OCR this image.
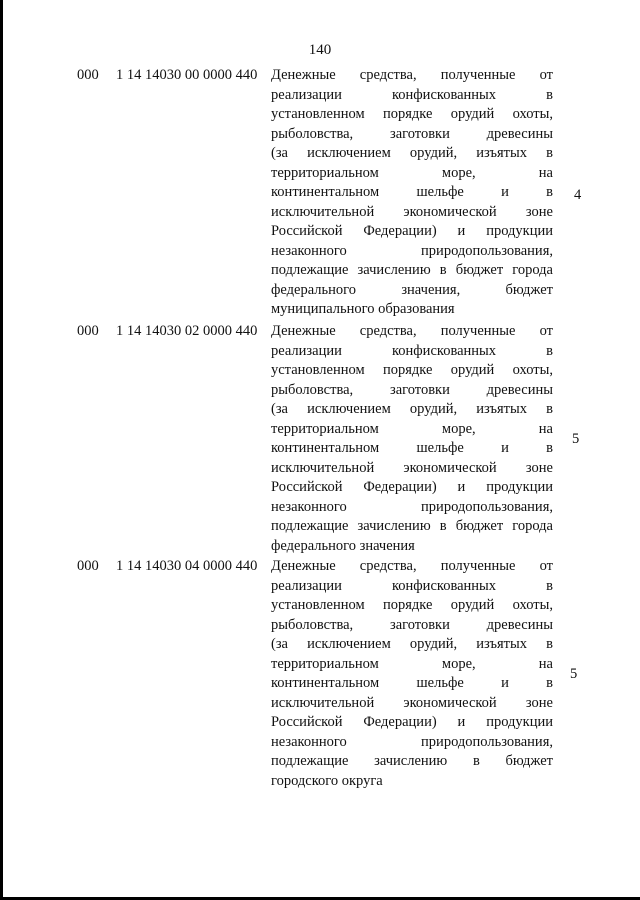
140
000 1 14 14030 00 0000 440 Денежные средства, полученные от
реализации конфискованных в
установленном порядке орудий охоты,
рыболовства, заготовки древесины
(за исключением орудий, изъятых в
территориальном море, на
континентальном шельфе и в
исключительной экономической зоне
Российской Федерации) и продукции
незаконного природопользования,
подлежащие зачислению в бюджет города
федерального значения, бюджет
муниципального образования
4
000 1 14 14030 02 0000 440 Денежные средства, полученные от
реализации конфискованных в
установленном порядке орудий охоты,
рыболовства, заготовки древесины
(за исключением орудий, изъятых в
территориальном море, на
континентальном шельфе и в
исключительной экономической зоне
Российской Федерации) и продукции
незаконного природопользования,
подлежащие зачислению в бюджет города
федерального значения
5
000 1 14 14030 04 0000 440 Денежные средства, полученные от
реализации конфискованных в
установленном порядке орудий охоты,
рыболовства, заготовки древесины
(за исключением орудий, изъятых в
территориальном море, на
континентальном шельфе и в
исключительной экономической зоне
Российской Федерации) и продукции
незаконного природопользования,
подлежащие зачислению в бюджет
городского округа
5
